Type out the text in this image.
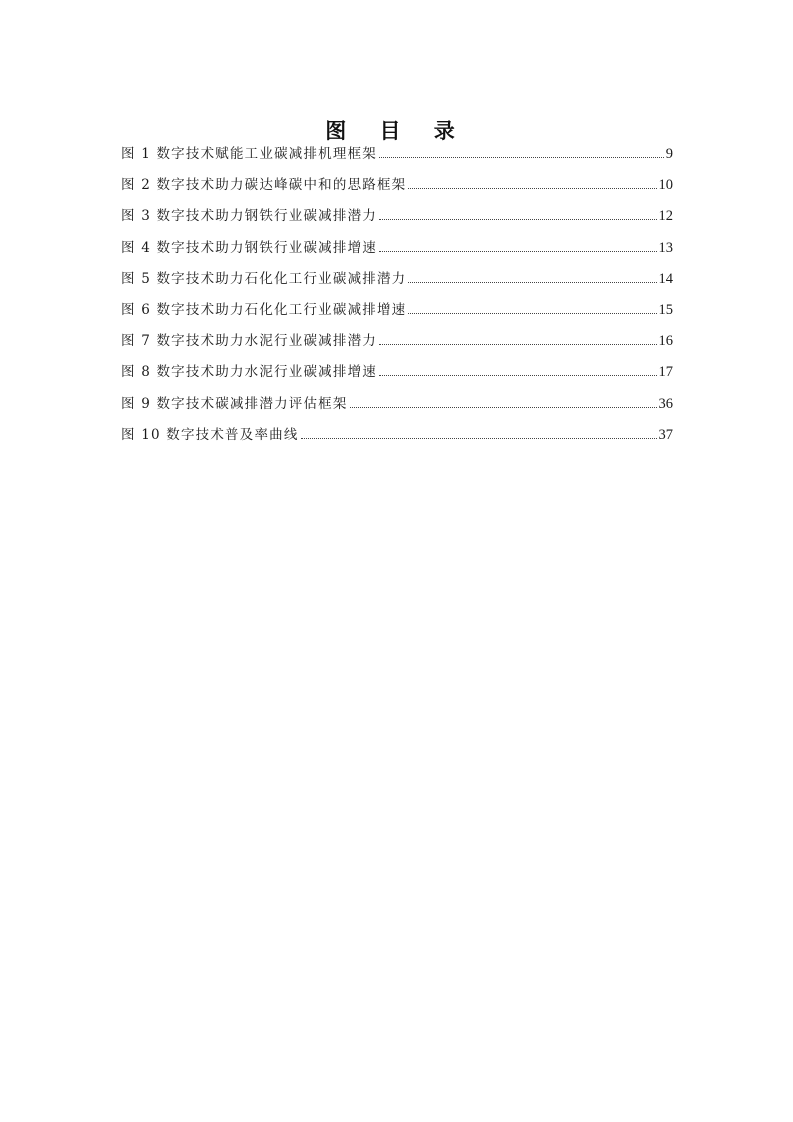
图 目 录
图 1 数字技术赋能工业碳减排机理框架	9
图 2 数字技术助力碳达峰碳中和的思路框架	10
图 3 数字技术助力钢铁行业碳减排潜力	12
图 4 数字技术助力钢铁行业碳减排增速	13
图 5 数字技术助力石化化工行业碳减排潜力	14
图 6 数字技术助力石化化工行业碳减排增速	15
图 7 数字技术助力水泥行业碳减排潜力	16
图 8 数字技术助力水泥行业碳减排增速	17
图 9 数字技术碳减排潜力评估框架	36
图 10 数字技术普及率曲线	37
